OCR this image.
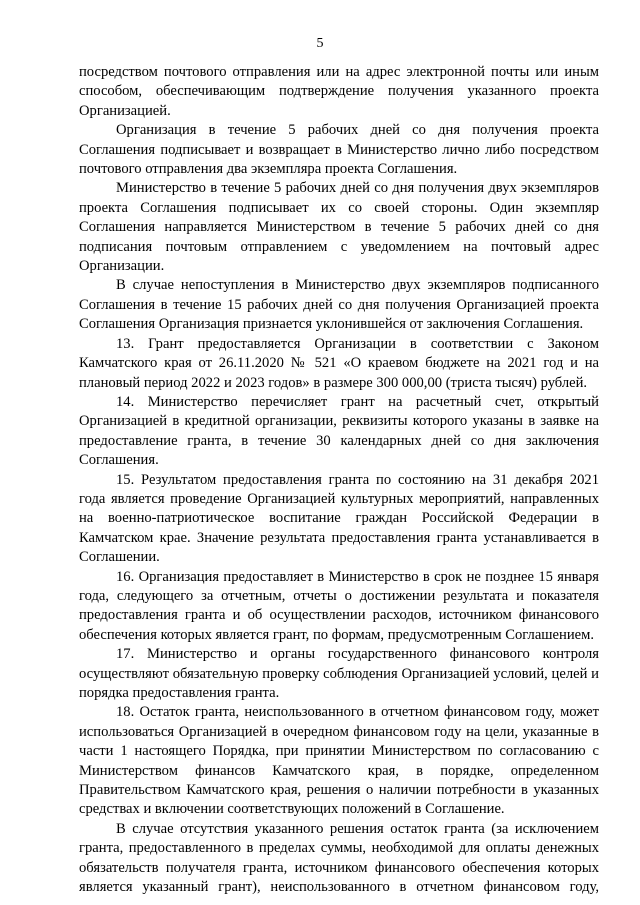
5

посредством почтового отправления или на адрес электронной почты или иным способом, обеспечивающим подтверждение получения указанного проекта Организацией.

Организация в течение 5 рабочих дней со дня получения проекта Соглашения подписывает и возвращает в Министерство лично либо посредством почтового отправления два экземпляра проекта Соглашения.

Министерство в течение 5 рабочих дней со дня получения двух экземпляров проекта Соглашения подписывает их со своей стороны. Один экземпляр Соглашения направляется Министерством в течение 5 рабочих дней со дня подписания почтовым отправлением с уведомлением на почтовый адрес Организации.

В случае непоступления в Министерство двух экземпляров подписанного Соглашения в течение 15 рабочих дней со дня получения Организацией проекта Соглашения Организация признается уклонившейся от заключения Соглашения.

13. Грант предоставляется Организации в соответствии с Законом Камчатского края от 26.11.2020 № 521 «О краевом бюджете на 2021 год и на плановый период 2022 и 2023 годов» в размере 300 000,00 (триста тысяч) рублей.

14. Министерство перечисляет грант на расчетный счет, открытый Организацией в кредитной организации, реквизиты которого указаны в заявке на предоставление гранта, в течение 30 календарных дней со дня заключения Соглашения.

15. Результатом предоставления гранта по состоянию на 31 декабря 2021 года является проведение Организацией культурных мероприятий, направленных на военно-патриотическое воспитание граждан Российской Федерации в Камчатском крае. Значение результата предоставления гранта устанавливается в Соглашении.

16. Организация предоставляет в Министерство в срок не позднее 15 января года, следующего за отчетным, отчеты о достижении результата и показателя предоставления гранта и об осуществлении расходов, источником финансового обеспечения которых является грант, по формам, предусмотренным Соглашением.

17. Министерство и органы государственного финансового контроля осуществляют обязательную проверку соблюдения Организацией условий, целей и порядка предоставления гранта.

18. Остаток гранта, неиспользованного в отчетном финансовом году, может использоваться Организацией в очередном финансовом году на цели, указанные в части 1 настоящего Порядка, при принятии Министерством по согласованию с Министерством финансов Камчатского края, в порядке, определенном Правительством Камчатского края, решения о наличии потребности в указанных средствах и включении соответствующих положений в Соглашение.

В случае отсутствия указанного решения остаток гранта (за исключением гранта, предоставленного в пределах суммы, необходимой для оплаты денежных обязательств получателя гранта, источником финансового обеспечения которых является указанный грант), неиспользованного в отчетном финансовом году,
